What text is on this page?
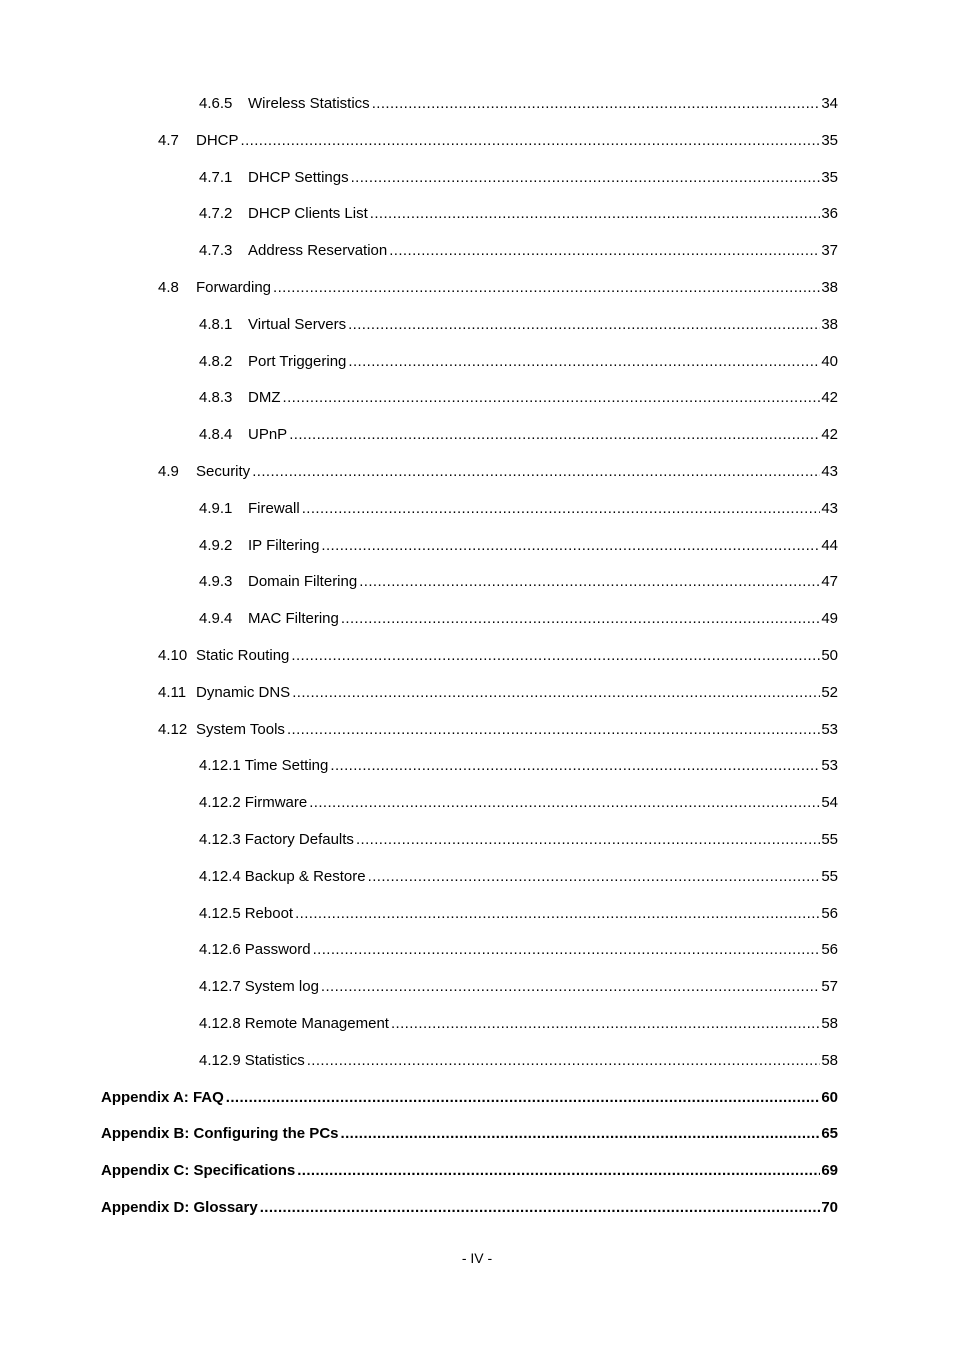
4.6.5	Wireless Statistics .....	34
4.7	DHCP .....	35
4.7.1	DHCP Settings .....	35
4.7.2	DHCP Clients List .....	36
4.7.3	Address Reservation .....	37
4.8	Forwarding .....	38
4.8.1	Virtual Servers .....	38
4.8.2	Port Triggering .....	40
4.8.3	DMZ .....	42
4.8.4	UPnP .....	42
4.9	Security .....	43
4.9.1	Firewall .....	43
4.9.2	IP Filtering .....	44
4.9.3	Domain Filtering .....	47
4.9.4	MAC Filtering .....	49
4.10 Static Routing .....	50
4.11 Dynamic DNS .....	52
4.12 System Tools .....	53
4.12.1 Time Setting .....	53
4.12.2 Firmware .....	54
4.12.3 Factory Defaults .....	55
4.12.4 Backup & Restore .....	55
4.12.5 Reboot .....	56
4.12.6 Password .....	56
4.12.7 System log .....	57
4.12.8 Remote Management .....	58
4.12.9 Statistics .....	58
Appendix A: FAQ .....	60
Appendix B: Configuring the PCs .....	65
Appendix C: Specifications .....	69
Appendix D: Glossary .....	70
- IV -
